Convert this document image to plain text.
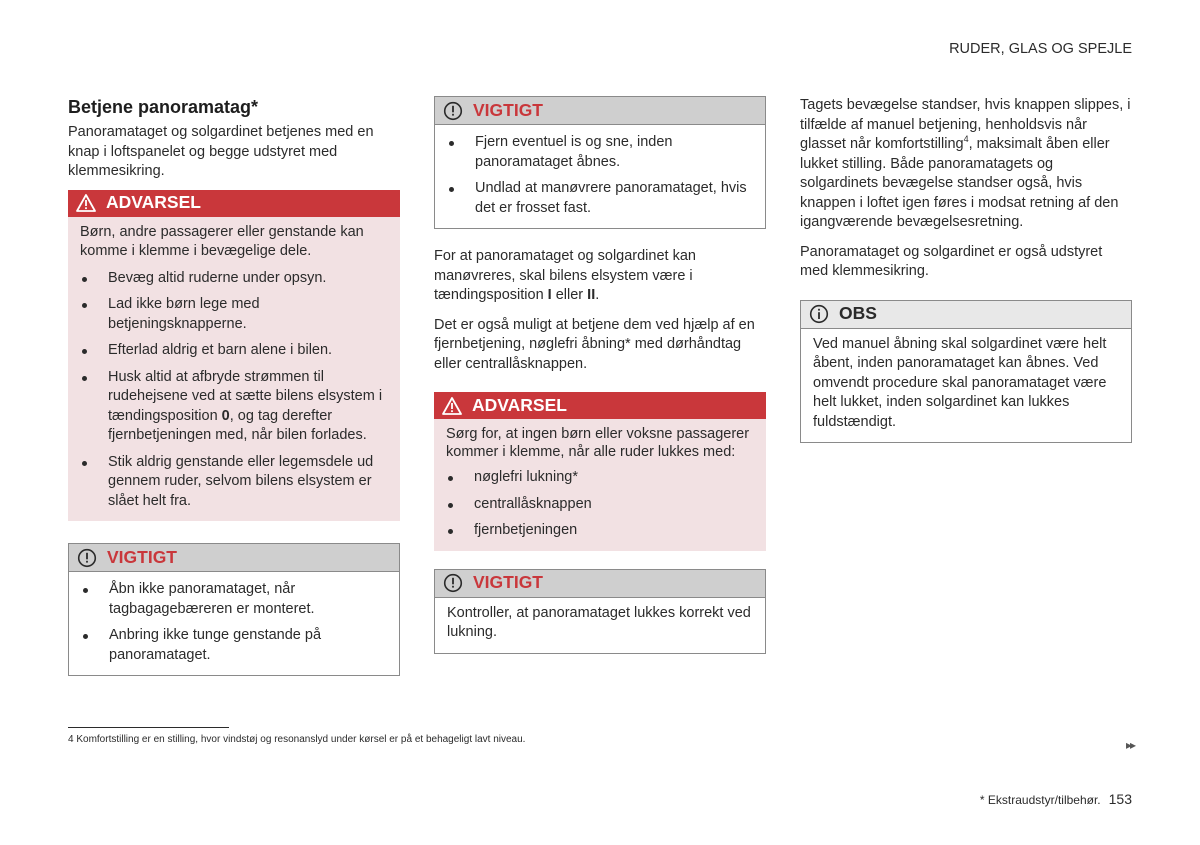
RUDER, GLAS OG SPEJLE
Betjene panoramatag*

Panoramataget og solgardinet betjenes med en knap i loftspanelet og begge udstyret med klemmesikring.

ADVARSEL

Børn, andre passagerer eller genstande kan komme i klemme i bevægelige dele.

Bevæg altid ruderne under opsyn.
Lad ikke børn lege med betjeningsknapperne.
Efterlad aldrig et barn alene i bilen.
Husk altid at afbryde strømmen til rudehejsene ved at sætte bilens elsystem i tændingsposition 0, og tag derefter fjernbetjeningen med, når bilen forlades.
Stik aldrig genstande eller legemsdele ud gennem ruder, selvom bilens elsystem er slået helt fra.
VIGTIGT
Åbn ikke panoramataget, når tagbagagebæreren er monteret.
Anbring ikke tunge genstande på panoramataget.
VIGTIGT
Fjern eventuel is og sne, inden panoramataget åbnes.
Undlad at manøvrere panoramataget, hvis det er frosset fast.

For at panoramataget og solgardinet kan manøvreres, skal bilens elsystem være i tændingsposition I eller II.

Det er også muligt at betjene dem ved hjælp af en fjernbetjening, nøglefri åbning* med dørhåndtag eller centrallåsknappen.

ADVARSEL

Sørg for, at ingen børn eller voksne passagerer kommer i klemme, når alle ruder lukkes med:

nøglefri lukning*
centrallåsknappen
fjernbetjeningen
VIGTIGT

Kontroller, at panoramataget lukkes korrekt ved lukning.

Tagets bevægelse standser, hvis knappen slippes, i tilfælde af manuel betjening, henholdsvis når glasset når komfortstilling$^4$, maksimalt åben eller lukket stilling. Både panoramatagets og solgardinets bevægelse standser også, hvis knappen i loftet igen føres i modsat retning af den igangværende bevægelsesretning.

Panoramataget og solgardinet er også udstyret med klemmesikring.

OBS

Ved manuel åbning skal solgardinet være helt åbent, inden panoramataget kan åbnes. Ved omvendt procedure skal panoramataget være helt lukket, inden solgardinet kan lukkes fuldstændigt.

4 Komfortstilling er en stilling, hvor vindstøj og resonanslyd under kørsel er på et behageligt lavt niveau.	▸▸
* Ekstraudstyr/tilbehør. 153
